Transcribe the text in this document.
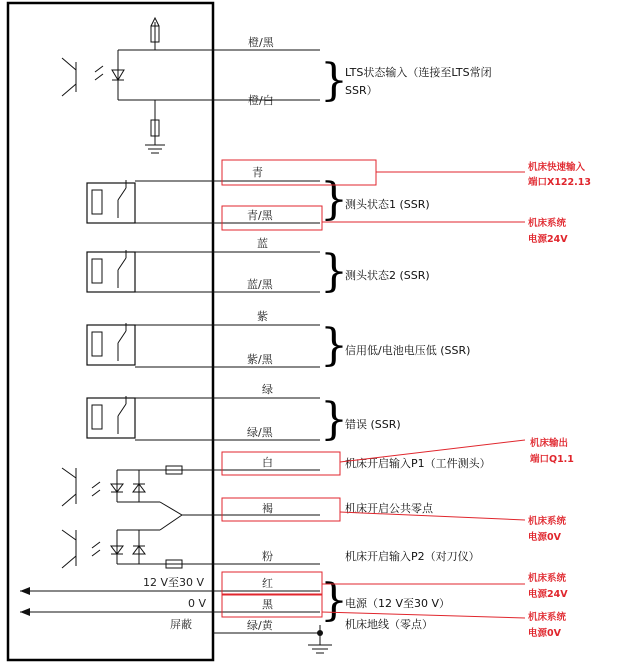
橙/黑
橙/白 }
LTS状态输入（连接至LTS常闭
SSR）
青
青/黑 }
测头状态1 (SSR)
蓝
蓝/黑 }
测头状态2 (SSR)
紫
紫/黑 }
信用低/电池电压低 (SSR)
绿
绿/黑 }
错误 (SSR)
白	机床开启输入P1（工件测头）
褐	机床开启公共零点
粉	机床开启输入P2（对刀仪）
12 V至30 V
0 V
屏蔽
红
黑
绿/黄 }
电源（12 V至30 V）
机床地线（零点）
机床快速输入
端口X122.13
机床系统
电源24V
机床输出
端口Q1.1
机床系统
电源0V
机床系统
电源24V
机床系统
电源0V
